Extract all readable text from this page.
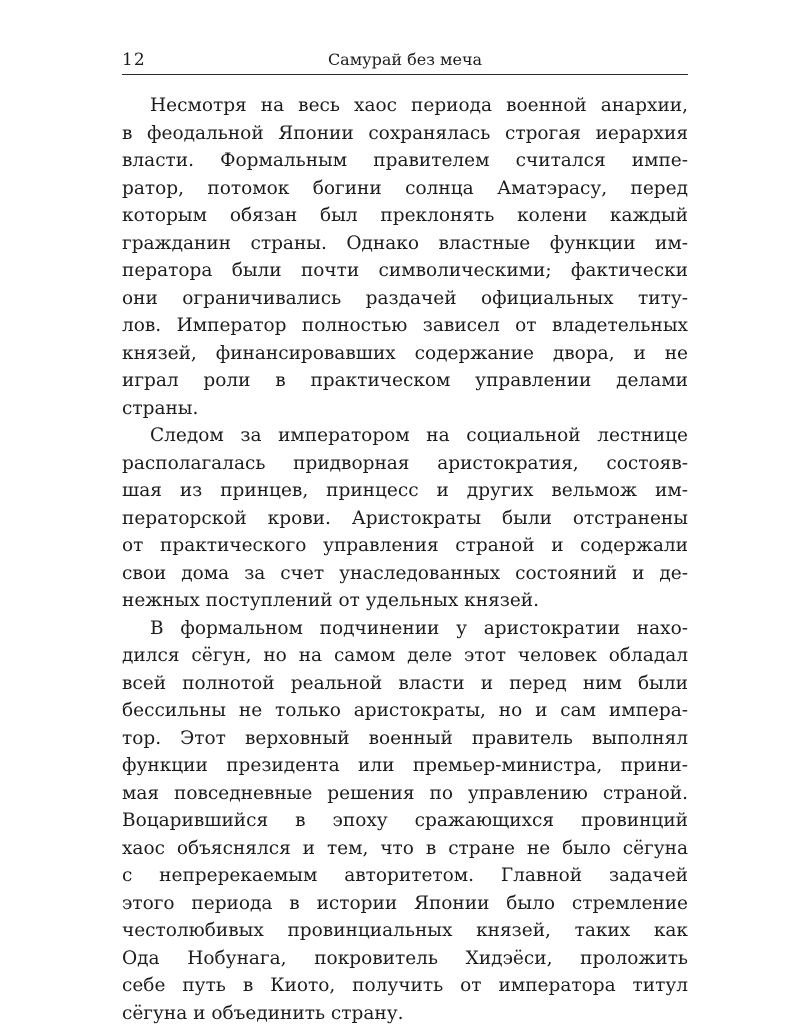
12	Самурай без меча
Несмотря на весь хаос периода военной анархии,
в феодальной Японии сохранялась строгая иерархия
власти. Формальным правителем считался импе-
ратор, потомок богини солнца Аматэрасу, перед
которым обязан был преклонять колени каждый
гражданин страны. Однако властные функции им-
ператора были почти символическими; фактически
они ограничивались раздачей официальных титу-
лов. Император полностью зависел от владетельных
князей, финансировавших содержание двора, и не
играл роли в практическом управлении делами
страны.
Следом за императором на социальной лестнице
располагалась придворная аристократия, состояв-
шая из принцев, принцесс и других вельмож им-
ператорской крови. Аристократы были отстранены
от практического управления страной и содержали
свои дома за счет унаследованных состояний и де-
нежных поступлений от удельных князей.
В формальном подчинении у аристократии нахо-
дился сёгун, но на самом деле этот человек обладал
всей полнотой реальной власти и перед ним были
бессильны не только аристократы, но и сам импера-
тор. Этот верховный военный правитель выполнял
функции президента или премьер-министра, прини-
мая повседневные решения по управлению страной.
Воцарившийся в эпоху сражающихся провинций
хаос объяснялся и тем, что в стране не было сёгуна
с непререкаемым авторитетом. Главной задачей
этого периода в истории Японии было стремление
честолюбивых провинциальных князей, таких как
Ода Нобунага, покровитель Хидэёси, проложить
себе путь в Киото, получить от императора титул
сёгуна и объединить страну.
